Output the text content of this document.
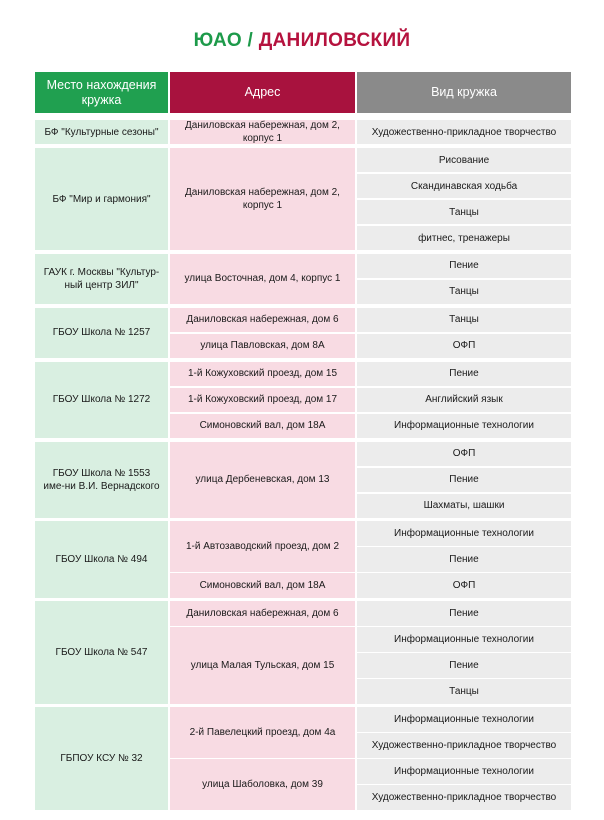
ЮАО / ДАНИЛОВСКИЙ
Место нахождения кружка
Адрес	Вид кружка
Художественно-прикладное творчество
Даниловская набережная, дом 2, корпус 1
БФ "Культурные сезоны"
Рисование
Скандинавская ходьба
Танцы
фитнес, тренажеры
Даниловская набережная, дом 2, корпус 1
БФ "Мир и гармония"
Пение
Танцы
улица Восточная, дом 4, корпус 1
ГАУК г. Москвы "Культур-ный центр ЗИЛ"
Танцы
Даниловская набережная, дом 6
ОФП
улица Павловская, дом 8А
ГБОУ Школа № 1257
Пение
1-й Кожуховский проезд, дом 15
Английский язык
1-й Кожуховский проезд, дом 17
Информационные технологии
Симоновский вал, дом 18А
ГБОУ Школа № 1272
ОФП
Пение
Шахматы, шашки
улица Дербеневская, дом 13
ГБОУ Школа № 1553 име-ни В.И. Вернадского
Информационные технологии
Пение
1-й Автозаводский проезд, дом 2
ОФП
Симоновский вал, дом 18А
ГБОУ Школа № 494
Пение
Даниловская набережная, дом 6
Информационные технологии
Пение
Танцы
улица Малая Тульская, дом 15
ГБОУ Школа № 547
Информационные технологии
Художественно-прикладное творчество
2-й Павелецкий проезд, дом 4а
Информационные технологии
Художественно-прикладное творчество
улица Шаболовка, дом 39
ГБПОУ КСУ № 32
